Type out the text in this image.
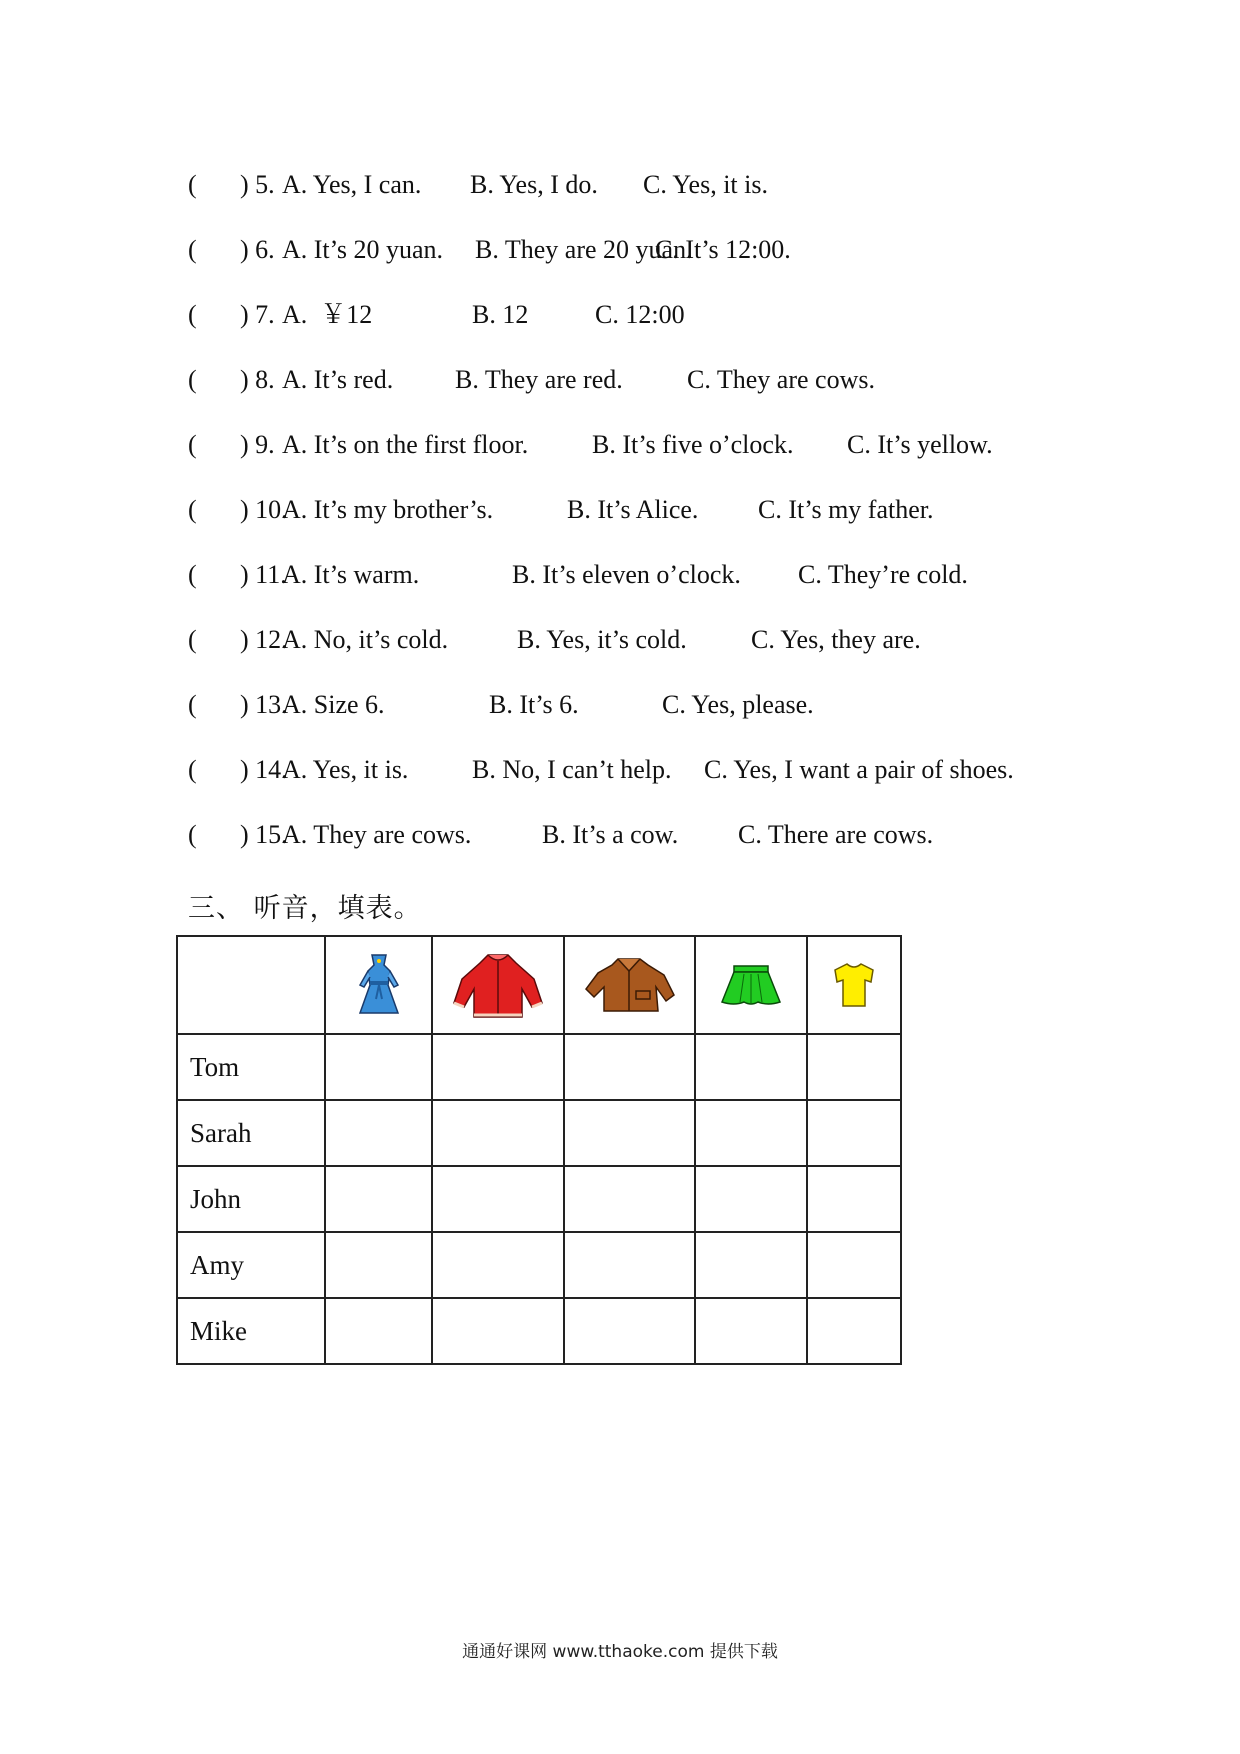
( ) 5. A. Yes, I can. B. Yes, I do. C. Yes, it is.
( ) 6. A. It’s 20 yuan. B. They are 20 yuan.
C. It’s 12:00.
( ) 7. A.  ￥12	B. 12	C. 12:00
( ) 8. A. It’s red. B. They are red. C. They are cows.
( ) 9. A. It’s on the first floor. B. It’s five o’clock. C. It’s yellow.
( ) 10.
A. It’s my brother’s.	B. It’s Alice. C. It’s my father.
( ) 11.
A. It’s warm.	B. It’s eleven o’clock. C. They’re cold.
( ) 12.
A. No, it’s cold.	B. Yes, it’s cold. C. Yes, they are.
( ) 13.
A. Size 6.	B. It’s 6.	C. Yes, please.
( ) 14.
A. Yes, it is. B. No, I can’t help. C. Yes, I want a pair of shoes.
( ) 15.
A. They are cows.	B. It’s a cow. C. There are cows.
三、 听音，填表。

Tom					
Sarah					
John					
Amy					
Mike					
通通好课网 www.tthaoke.com 提供下载
